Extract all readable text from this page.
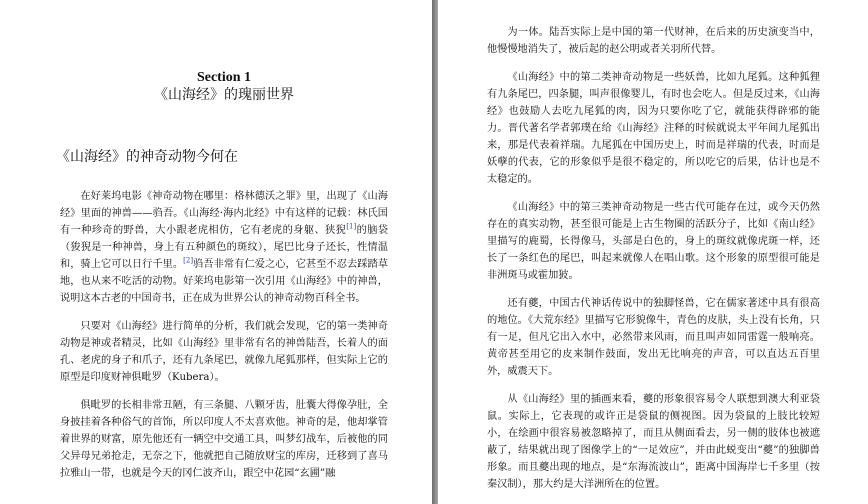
Section 1
《山海经》的瑰丽世界
《山海经》的神奇动物今何在

在好莱坞电影《神奇动物在哪里：格林德沃之罪》里，出现了《山海经》里面的神兽——驺吾。《山海经·海内北经》中有这样的记载：林氏国有一种珍奇的野兽，大小跟老虎相仿，它有老虎的身躯、狭猊[1]的脑袋（狻猊是一种神兽，身上有五种颜色的斑纹），尾巴比身子还长，性情温和，骑上它可以日行千里。[2]驺吾非常有仁爱之心，它甚至不忍去踩踏草地，也从来不吃活的动物。好莱坞电影第一次引用《山海经》中的神兽，说明这本古老的中国奇书，正在成为世界公认的神奇动物百科全书。

只要对《山海经》进行简单的分析，我们就会发现，它的第一类神奇动物是神或者精灵，比如《山海经》里非常有名的神兽陆吾，长着人的面孔、老虎的身子和爪子，还有九条尾巴，就像九尾狐那样，但实际上它的原型是印度财神俱毗罗（Kubera）。

俱毗罗的长相非常丑陋，有三条腿、八颗牙齿，肚囊大得像孕肚，全身披挂着各种俗气的首饰，所以印度人不太喜欢他。神奇的是，他却掌管着世界的财富，原先他还有一辆空中交通工具，叫梦幻战车，后被他的同父异母兄弟抢走，无奈之下，他就把自己随放财宝的库房，迁移到了喜马拉雅山一带，也就是今天的冈仁波齐山，跟空中花园“玄圃”融

为一体。陆吾实际上是中国的第一代财神，在后来的历史演变当中，他慢慢地消失了，被后起的赵公明或者关羽所代替。

《山海经》中的第二类神奇动物是一些妖兽，比如九尾狐。这种狐狸有九条尾巴，四条腿，叫声很像婴儿，有时也会吃人。但是反过来，《山海经》也鼓励人去吃九尾狐的肉，因为只要你吃了它，就能获得辟邪的能力。晋代著名学者郭璞在给《山海经》注释的时候就说太平年间九尾狐出来，那是代表着祥瑞。九尾狐在中国历史上，时而是祥瑞的代表，时而是妖孽的代表，它的形象似乎是很不稳定的，所以吃它的后果，估计也是不太稳定的。

《山海经》中的第三类神奇动物是一些古代可能存在过，或今天仍然存在的真实动物，甚至很可能是上古生物圈的活跃分子，比如《南山经》里描写的鹿蜀，长得像马，头部是白色的，身上的斑纹就像虎斑一样，还长了一条红色的尾巴，叫起来就像人在唱山歌。这个形象的原型很可能是非洲斑马或霍加狓。

还有夔，中国古代神话传说中的独脚怪兽，它在儒家著述中具有很高的地位。《大荒东经》里描写它形貌像牛，青色的皮肤，头上没有长角，只有一足，但凡它出入水中，必然带来风雨，而且叫声如同雷霆一般响亮。黄帝甚至用它的皮来制作鼓面，发出无比响亮的声音，可以直达五百里外，威震天下。

从《山海经》里的插画来看，夔的形象很容易令人联想到澳大利亚袋鼠。实际上，它表现的或许正是袋鼠的侧视图。因为袋鼠的上肢比较短小，在绘画中很容易被忽略掉了，而且从侧面看去，另一侧的肢体也被遮蔽了，结果就出现了图像学上的“一足效应”，并由此蜕变出“夔”的独脚兽形象。而且夔出现的地点，是“东海流波山”，距离中国海岸七千多里（按秦汉制），那大约是大洋洲所在的位置。
